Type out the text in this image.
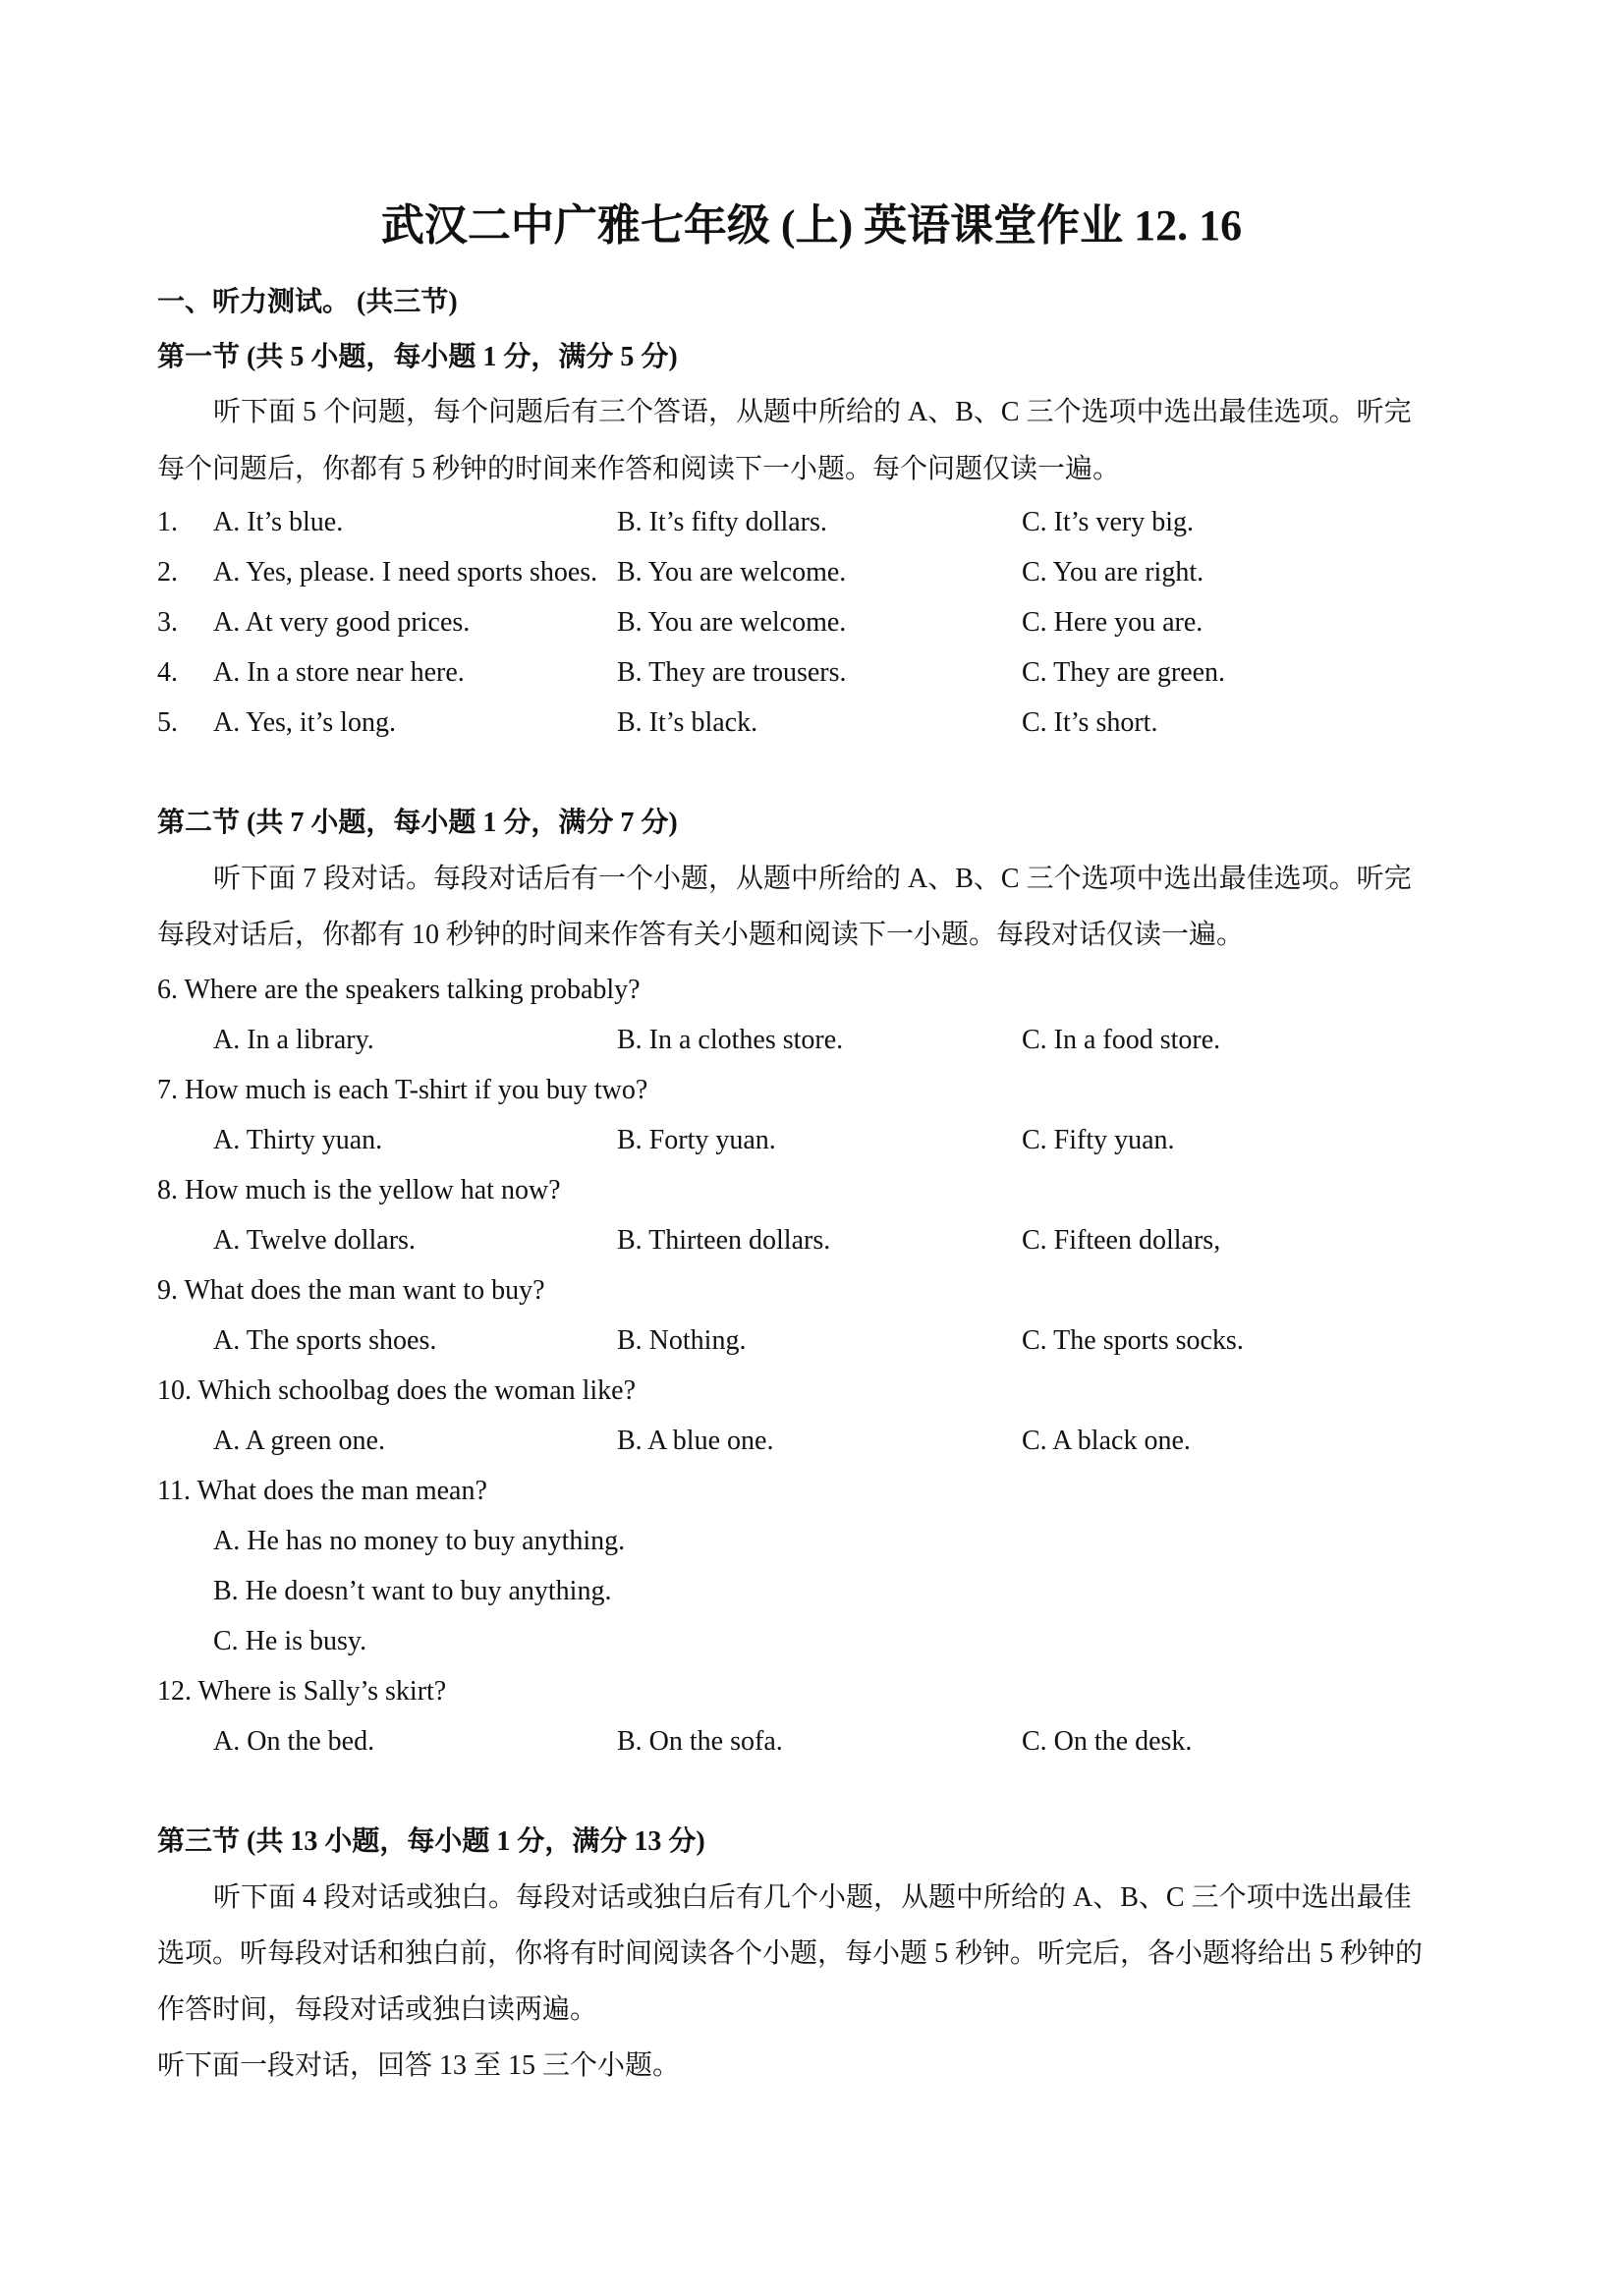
武汉二中广雅七年级 (上) 英语课堂作业 12. 16
一、听力测试。 (共三节)
第一节 (共 5 小题，每小题 1 分，满分 5 分)
听下面 5 个问题，每个问题后有三个答语，从题中所给的 A、B、C 三个选项中选出最佳选项。听完
每个问题后，你都有 5 秒钟的时间来作答和阅读下一小题。每个问题仅读一遍。
1. A. It’s blue.	B. It’s fifty dollars.	C. It’s very big.
2. A. Yes, please. I need sports shoes. B. You are welcome.	C. You are right.
3. A. At very good prices.	B. You are welcome.	C. Here you are.
4. A. In a store near here.	B. They are trousers.	C. They are green.
5. A. Yes, it’s long.	B. It’s black.	C. It’s short.
第二节 (共 7 小题，每小题 1 分，满分 7 分)
听下面 7 段对话。每段对话后有一个小题，从题中所给的 A、B、C 三个选项中选出最佳选项。听完
每段对话后，你都有 10 秒钟的时间来作答有关小题和阅读下一小题。每段对话仅读一遍。
6. Where are the speakers talking probably?
A. In a library.	B. In a clothes store.	C. In a food store.
7. How much is each T-shirt if you buy two?
A. Thirty yuan.	B. Forty yuan.	C. Fifty yuan.
8. How much is the yellow hat now?
A. Twelve dollars.	B. Thirteen dollars.	C. Fifteen dollars,
9. What does the man want to buy?
A. The sports shoes.	B. Nothing.	C. The sports socks.
10. Which schoolbag does the woman like?
A. A green one.	B. A blue one.	C. A black one.
11. What does the man mean?
A. He has no money to buy anything.
B. He doesn’t want to buy anything.
C. He is busy.
12. Where is Sally’s skirt?
A. On the bed.	B. On the sofa.	C. On the desk.
第三节 (共 13 小题，每小题 1 分，满分 13 分)
听下面 4 段对话或独白。每段对话或独白后有几个小题，从题中所给的 A、B、C 三个项中选出最佳
选项。听每段对话和独白前，你将有时间阅读各个小题，每小题 5 秒钟。听完后，各小题将给出 5 秒钟的
作答时间，每段对话或独白读两遍。
听下面一段对话，回答 13 至 15 三个小题。
